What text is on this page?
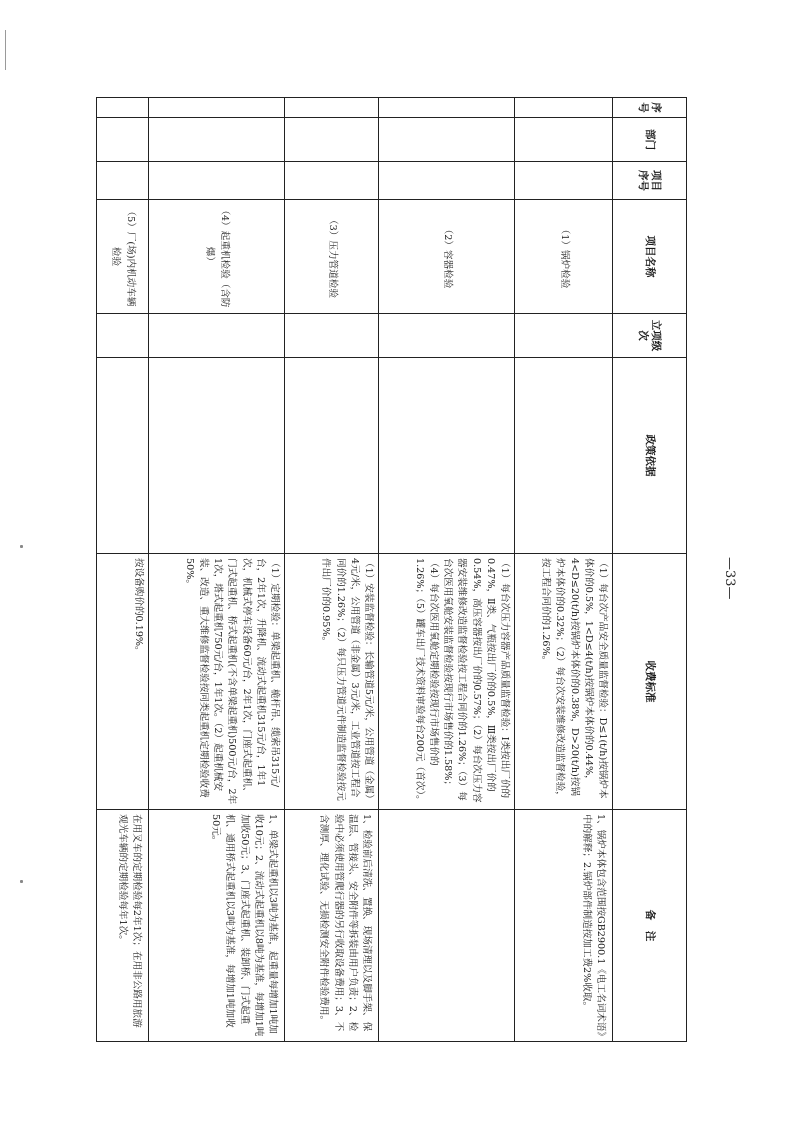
序号	部门	项目序号	项目名称	立项级次	政策依据	收费标准	备　注
			（1）锅炉检验			（1）每台次产品安全质量监督检验：D≤1(t/h)按锅炉本体价的0.5%，1<D≤4(t/h)按锅炉本体价的0.44%，4<D≤20(t/h)按锅炉本体价的0.38%，D>20(t/h)按锅炉本体价的0.32%；（2）每台次安装维修改造监督检验，按工程合同价的1.26%。	1、锅炉本体包含范围按GB2900.1《电工名词术语》中的解释；2.锅炉部件制造按加工费2%收取。
			（2）容器检验			（1）每台次压力容器产品质量监督检验：Ⅰ类按出厂价的0.47%，Ⅱ类、气瓶按出厂价的0.5%，Ⅲ类按出厂价的0.54%，高压容器按出厂价的0.57%；（2）每台次压力容器安装维修改造监督检验按工程合同价的1.26%；（3）每台次医用氧舱安装监督检验按现行市场售价的1.58%；（4）每台次医用氧舱定期检验按现行市场售价的1.26%；（5）罐车出厂技术资料审验每台200元（首次）。	
			（3）压力管道检验			（1）安装监督检验：长输管道5元/米，公用管道（金属）4元/米，公用管道（非金属）3元/米，工业管道按工程合同价的1.26%；（2）每只压力管道元件制造监督检验按元件出厂价的0.95%。	1、检验前后清洗、置换、现场清理以及脚手架、保温层、管接头、安全附件等拆装由用户负责；2、检验中必须使用管爬行器的另行收取设备费用；3、不含测厚、理化试验、无损检测安全附件检验费用。
			（4）起重机检验（含防爆）			（1）定期检验：单梁起重机、桅杆吊、缆索吊315元/台，2年1次，升降机、流动式起重机315元/台，1年1次，机械式停车设备60元/台，2年1次，门座式起重机、门式起重机、桥式起重机(不含单梁起重机)500元/台，2年1次，塔式起重机750元/台，1年1次。（2）起重机械安装、改造、重大维修监督检验按同类起重机定期检验收费50%。	1、单梁式起重机以3吨为基准，起重量每增加1吨加收10元；2、流动式起重机以8吨为基准，每增加1吨加收50元；3、门座式起重机、装卸桥、门式起重机、通用桥式起重机以3吨为基准，每增加1吨加收50元。
			（5）厂(场)内机动车辆检验			按设备购价的0.19%。	在用叉车的定期检验每2年1次；在用非公路用旅游观光车辆的定期检验每年1次。
—33—
